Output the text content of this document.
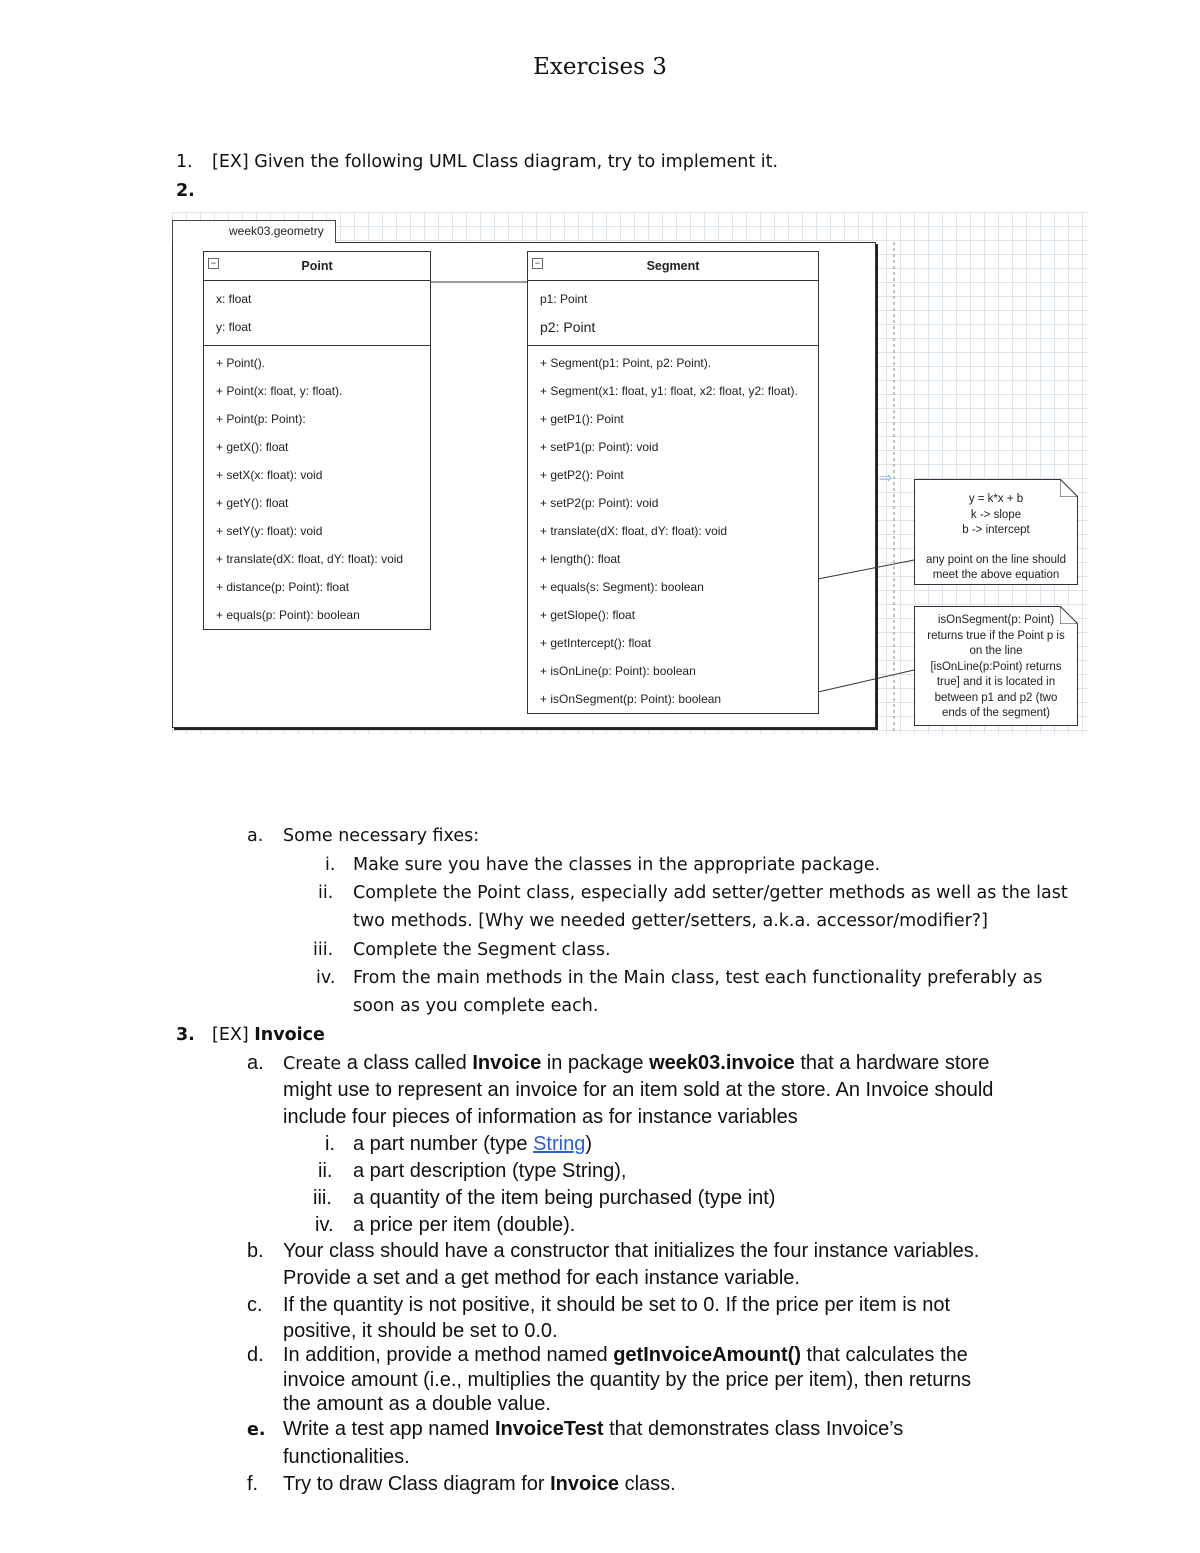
Exercises 3
1. [EX] Given the following UML Class diagram, try to implement it.
2.
week03.geometry
−	Point
x: float
y: float
+ Point().
+ Point(x: float, y: float).
+ Point(p: Point):
+ getX(): float
+ setX(x: float): void
+ getY(): float
+ setY(y: float): void
+ translate(dX: float, dY: float): void
+ distance(p: Point): float
+ equals(p: Point): boolean
−	Segment
p1: Point
p2: Point
+ Segment(p1: Point, p2: Point).
+ Segment(x1: float, y1: float, x2: float, y2: float).
+ getP1(): Point
+ setP1(p: Point): void
+ getP2(): Point
+ setP2(p: Point): void
+ translate(dX: float, dY: float): void
+ length(): float
+ equals(s: Segment): boolean
+ getSlope(): float
+ getIntercept(): float
+ isOnLine(p: Point): boolean
+ isOnSegment(p: Point): boolean
⇒
y = k*x + b
k -> slope
b -> intercept
any point on the line should
meet the above equation
isOnSegment(p: Point)
returns true if the Point p is
on the line
[isOnLine(p:Point) returns
true] and it is located in
between p1 and p2 (two
ends of the segment)
a. Some necessary fixes:
i. Make sure you have the classes in the appropriate package.
ii. Complete the Point class, especially add setter/getter methods as well as the last
two methods. [Why we needed getter/setters, a.k.a. accessor/modifier?]
iii. Complete the Segment class.
iv. From the main methods in the Main class, test each functionality preferably as
soon as you complete each.
3. [EX] Invoice
a. Create a class called Invoice in package week03.invoice that a hardware store
might use to represent an invoice for an item sold at the store. An Invoice should
include four pieces of information as for instance variables
i. a part number (type String)
ii. a part description (type String),
iii. a quantity of the item being purchased (type int)
iv. a price per item (double).
b. Your class should have a constructor that initializes the four instance variables.
Provide a set and a get method for each instance variable.
c. If the quantity is not positive, it should be set to 0. If the price per item is not
positive, it should be set to 0.0.
d. In addition, provide a method named getInvoiceAmount() that calculates the
invoice amount (i.e., multiplies the quantity by the price per item), then returns
the amount as a double value.
e. Write a test app named InvoiceTest that demonstrates class Invoice’s
functionalities.
f. Try to draw Class diagram for Invoice class.
